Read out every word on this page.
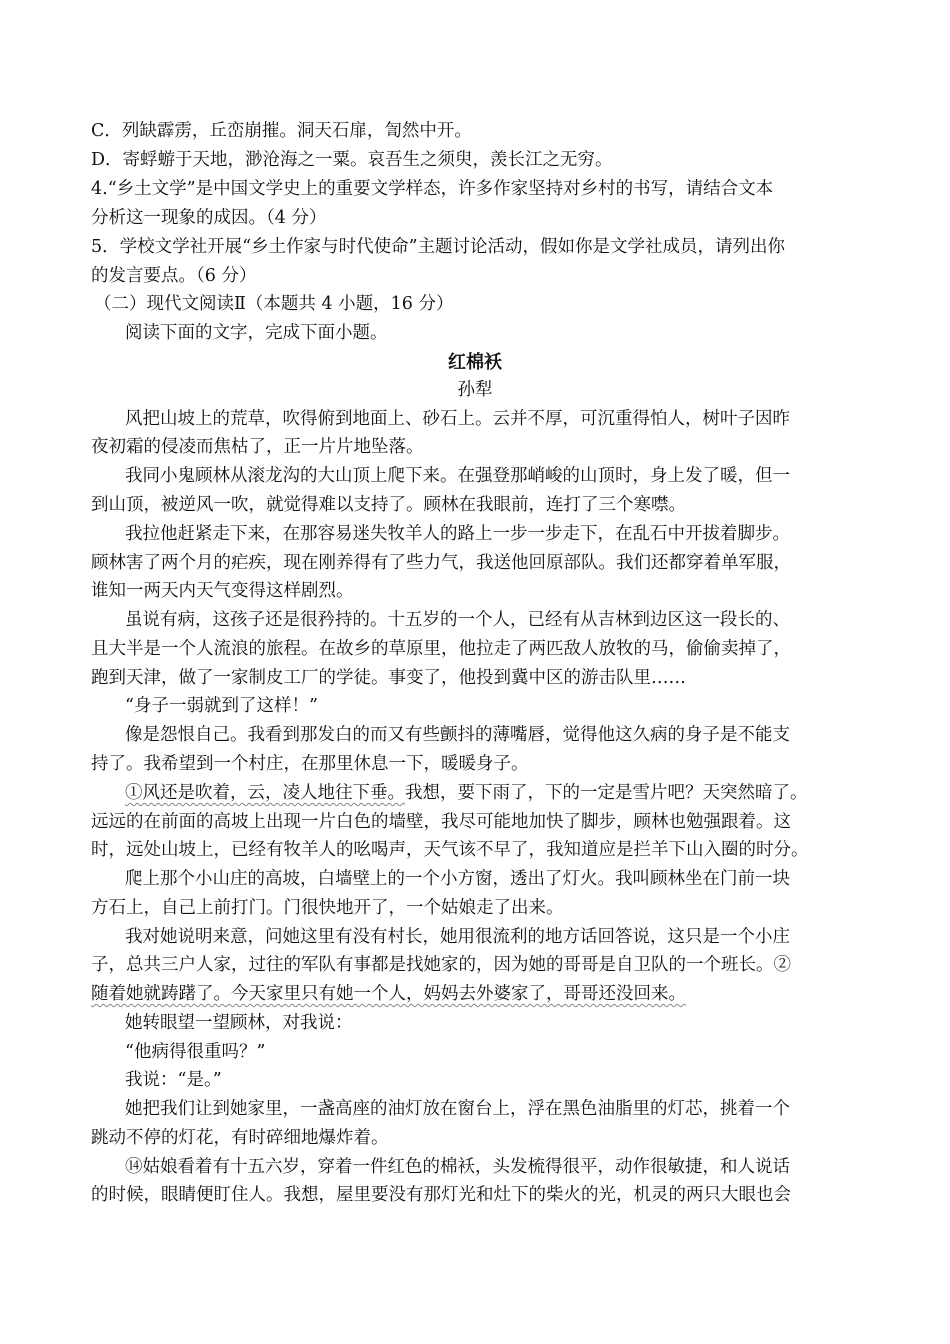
C．列缺霹雳，丘峦崩摧。洞天石扉，訇然中开。
D．寄蜉蝣于天地，渺沧海之一粟。哀吾生之须臾，羡长江之无穷。
4.“乡土文学”是中国文学史上的重要文学样态，许多作家坚持对乡村的书写，请结合文本
分析这一现象的成因。（4 分）
5．学校文学社开展“乡土作家与时代使命”主题讨论活动，假如你是文学社成员，请列出你
的发言要点。（6 分）
（二）现代文阅读Ⅱ（本题共 4 小题，16 分）
阅读下面的文字，完成下面小题。
红棉袄
孙犁
风把山坡上的荒草，吹得俯到地面上、砂石上。云并不厚，可沉重得怕人，树叶子因昨
夜初霜的侵凌而焦枯了，正一片片地坠落。
我同小鬼顾林从滚龙沟的大山顶上爬下来。在强登那峭峻的山顶时，身上发了暖，但一
到山顶，被逆风一吹，就觉得难以支持了。顾林在我眼前，连打了三个寒噤。
我拉他赶紧走下来，在那容易迷失牧羊人的路上一步一步走下，在乱石中开拔着脚步。
顾林害了两个月的疟疾，现在刚养得有了些力气，我送他回原部队。我们还都穿着单军服，
谁知一两天内天气变得这样剧烈。
虽说有病，这孩子还是很矜持的。十五岁的一个人，已经有从吉林到边区这一段长的、
且大半是一个人流浪的旅程。在故乡的草原里，他拉走了两匹敌人放牧的马，偷偷卖掉了，
跑到天津，做了一家制皮工厂的学徒。事变了，他投到冀中区的游击队里……
“身子一弱就到了这样！”
像是怨恨自己。我看到那发白的而又有些颤抖的薄嘴唇，觉得他这久病的身子是不能支
持了。我希望到一个村庄，在那里休息一下，暖暖身子。
①风还是吹着，云，凌人地往下垂。我想，要下雨了，下的一定是雪片吧？天突然暗了。
远远的在前面的高坡上出现一片白色的墙壁，我尽可能地加快了脚步，顾林也勉强跟着。这
时，远处山坡上，已经有牧羊人的吆喝声，天气该不早了，我知道应是拦羊下山入圈的时分。
爬上那个小山庄的高坡，白墙壁上的一个小方窗，透出了灯火。我叫顾林坐在门前一块
方石上，自己上前打门。门很快地开了，一个姑娘走了出来。
我对她说明来意，问她这里有没有村长，她用很流利的地方话回答说，这只是一个小庄
子，总共三户人家，过往的军队有事都是找她家的，因为她的哥哥是自卫队的一个班长。②
随着她就踌躇了。今天家里只有她一个人，妈妈去外婆家了，哥哥还没回来。
她转眼望一望顾林，对我说：
“他病得很重吗？”
我说：“是。”
她把我们让到她家里，一盏高座的油灯放在窗台上，浮在黑色油脂里的灯芯，挑着一个
跳动不停的灯花，有时碎细地爆炸着。
⑭姑娘看着有十五六岁，穿着一件红色的棉袄，头发梳得很平，动作很敏捷，和人说话
的时候，眼睛便盯住人。我想，屋里要没有那灯光和灶下的柴火的光，机灵的两只大眼也会
